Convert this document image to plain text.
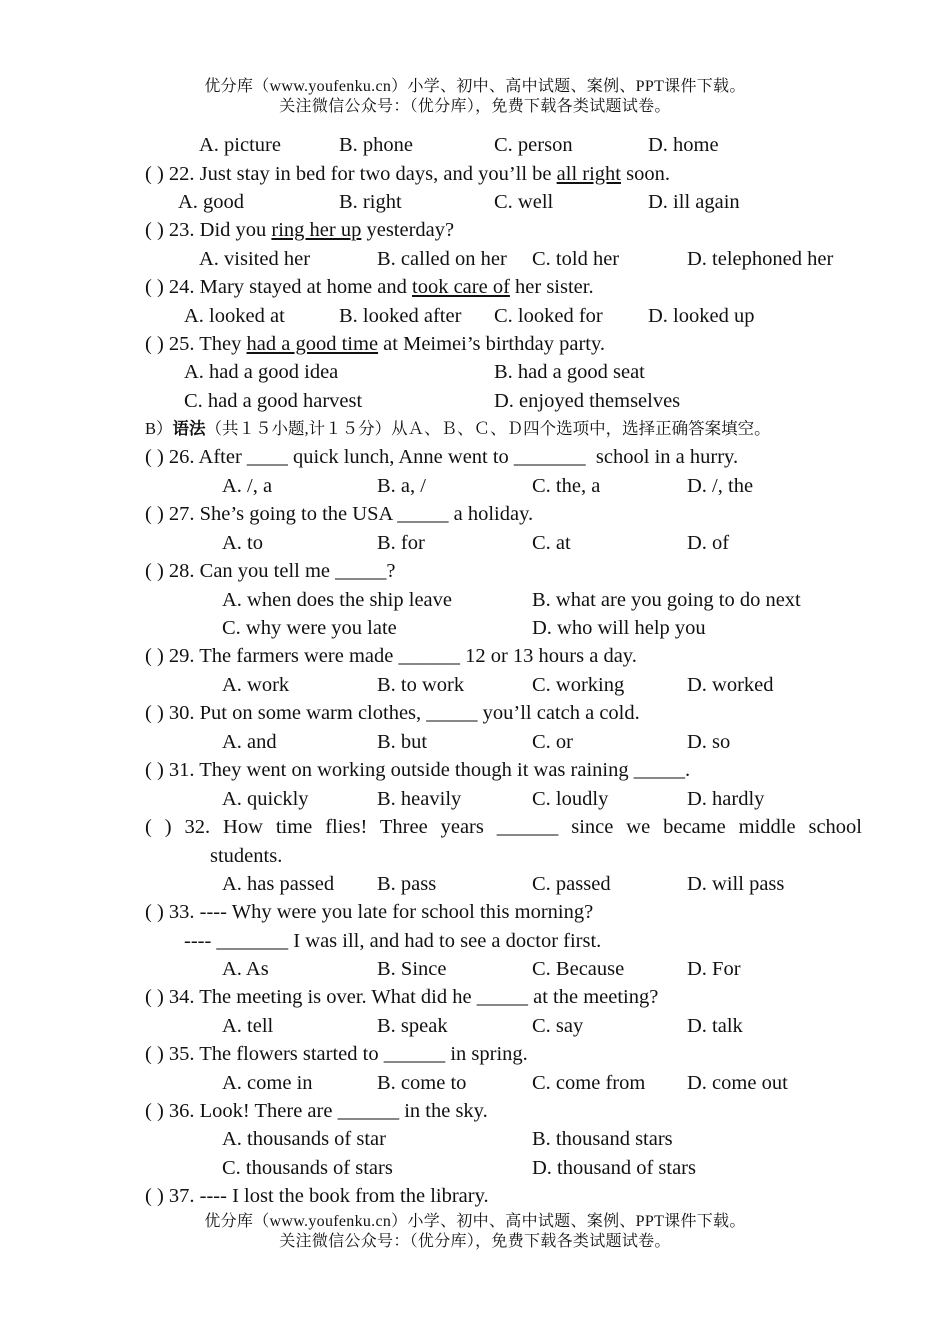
优分库（www.youfenku.cn）小学、初中、高中试题、案例、PPT课件下载。
关注微信公众号：（优分库），免费下载各类试题试卷。
A. picture	B. phone	C. person	D. home
( ) 22. Just stay in bed for two days, and you’ll be all right soon.
A. good	B. right	C. well	D. ill again
( ) 23. Did you ring her up yesterday?
A. visited her	B. called on her C. told her	D. telephoned her
( ) 24. Mary stayed at home and took care of her sister.
A. looked at	B. looked after C. looked for D. looked up
( ) 25. They had a good time at Meimei’s birthday party.
A. had a good idea	B. had a good seat
C. had a good harvest	D. enjoyed themselves
B）语法（共１５小题,计１５分）从Ａ、Ｂ、Ｃ、Ｄ四个选项中，选择正确答案填空。
( ) 26. After ____ quick lunch, Anne went to _______  school in a hurry.
A. /, a	B. a, /	C. the, a	D. /, the
( ) 27. She’s going to the USA _____ a holiday.
A. to	B. for	C. at	D. of
( ) 28. Can you tell me _____?
A. when does the ship leave	B. what are you going to do next
C. why were you late	D. who will help you
( ) 29. The farmers were made ______ 12 or 13 hours a day.
A. work	B. to work	C. working	D. worked
( ) 30. Put on some warm clothes, _____ you’ll catch a cold.
A. and	B. but	C. or	D. so
( ) 31. They went on working outside though it was raining _____.
A. quickly	B. heavily	C. loudly	D. hardly
( ) 32. How time flies! Three years ______ since we became middle school
students.
A. has passed B. pass	C. passed	D. will pass
( ) 33. ---- Why were you late for school this morning?
---- _______ I was ill, and had to see a doctor first.
A. As	B. Since	C. Because	D. For
( ) 34. The meeting is over. What did he _____ at the meeting?
A. tell	B. speak	C. say	D. talk
( ) 35. The flowers started to ______ in spring.
A. come in	B. come to	C. come from D. come out
( ) 36. Look! There are ______ in the sky.
A. thousands of star	B. thousand stars
C. thousands of stars	D. thousand of stars
( ) 37. ---- I lost the book from the library.
优分库（www.youfenku.cn）小学、初中、高中试题、案例、PPT课件下载。
关注微信公众号：（优分库），免费下载各类试题试卷。
